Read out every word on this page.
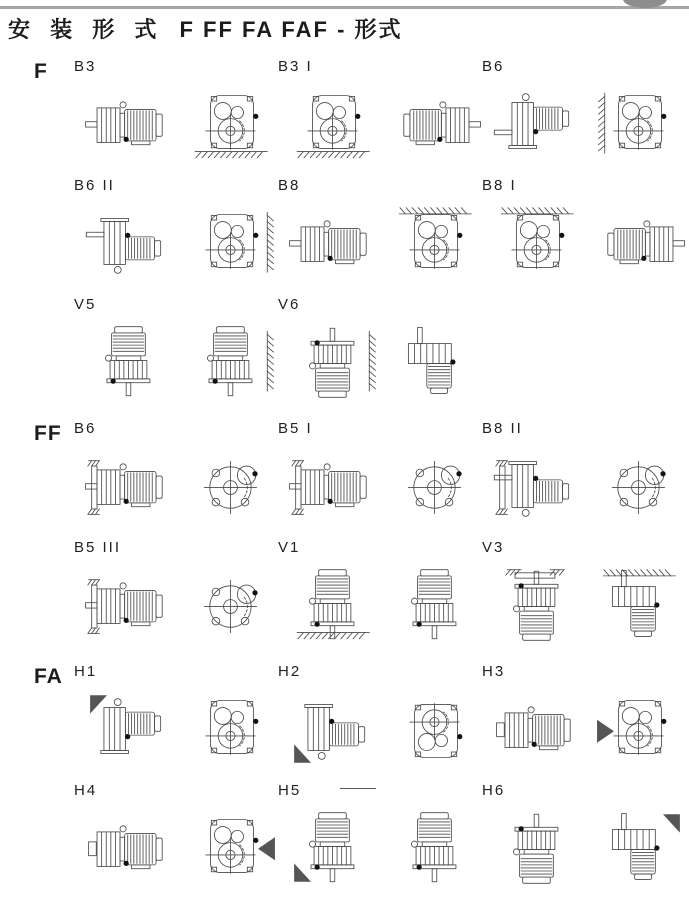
安 装 形 式 F FF FA FAF - 形式
F B3	B3 I	B6
B6 II	B8	B8 I
V5	V6
FF B6	B5 I	B8 II
B5 III	V1	V3
FA H1	H2	H3
H4	H5	H6
